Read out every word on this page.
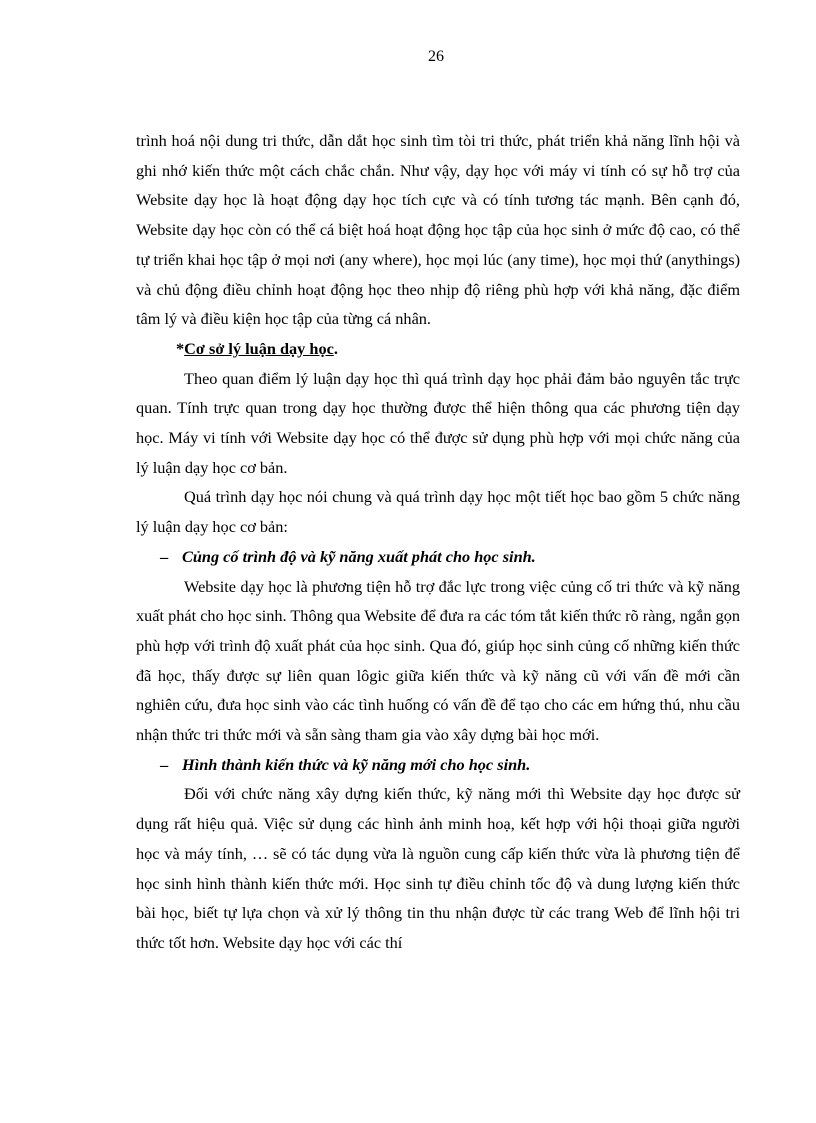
26

trình hoá nội dung tri thức, dẫn dắt học sinh tìm tòi tri thức, phát triển khả năng lĩnh hội và ghi nhớ kiến thức một cách chắc chắn. Như vậy, dạy học với máy vi tính có sự hỗ trợ của Website dạy học là hoạt động dạy học tích cực và có tính tương tác mạnh. Bên cạnh đó, Website dạy học còn có thể cá biệt hoá hoạt động học tập của học sinh ở mức độ cao, có thể tự triển khai học tập ở mọi nơi (any where), học mọi lúc (any time), học mọi thứ (anythings) và chủ động điều chỉnh hoạt động học theo nhịp độ riêng phù hợp với khả năng, đặc điểm tâm lý và điều kiện học tập của từng cá nhân.

*Cơ sở lý luận dạy học.

Theo quan điểm lý luận dạy học thì quá trình dạy học phải đảm bảo nguyên tắc trực quan. Tính trực quan trong dạy học thường được thể hiện thông qua các phương tiện dạy học. Máy vi tính với Website dạy học có thể được sử dụng phù hợp với mọi chức năng của lý luận dạy học cơ bản.

Quá trình dạy học nói chung và quá trình dạy học một tiết học bao gồm 5 chức năng lý luận dạy học cơ bản:

– Củng cố trình độ và kỹ năng xuất phát cho học sinh.

Website dạy học là phương tiện hỗ trợ đắc lực trong việc củng cố tri thức và kỹ năng xuất phát cho học sinh. Thông qua Website để đưa ra các tóm tắt kiến thức rõ ràng, ngắn gọn phù hợp với trình độ xuất phát của học sinh. Qua đó, giúp học sinh củng cố những kiến thức đã học, thấy được sự liên quan lôgic giữa kiến thức và kỹ năng cũ với vấn đề mới cần nghiên cứu, đưa học sinh vào các tình huống có vấn đề để tạo cho các em hứng thú, nhu cầu nhận thức tri thức mới và sẵn sàng tham gia vào xây dựng bài học mới.

– Hình thành kiến thức và kỹ năng mới cho học sinh.

Đối với chức năng xây dựng kiến thức, kỹ năng mới thì Website dạy học được sử dụng rất hiệu quả. Việc sử dụng các hình ảnh minh hoạ, kết hợp với hội thoại giữa người học và máy tính, … sẽ có tác dụng vừa là nguồn cung cấp kiến thức vừa là phương tiện để học sinh hình thành kiến thức mới. Học sinh tự điều chỉnh tốc độ và dung lượng kiến thức bài học, biết tự lựa chọn và xử lý thông tin thu nhận được từ các trang Web để lĩnh hội tri thức tốt hơn. Website dạy học với các thí
